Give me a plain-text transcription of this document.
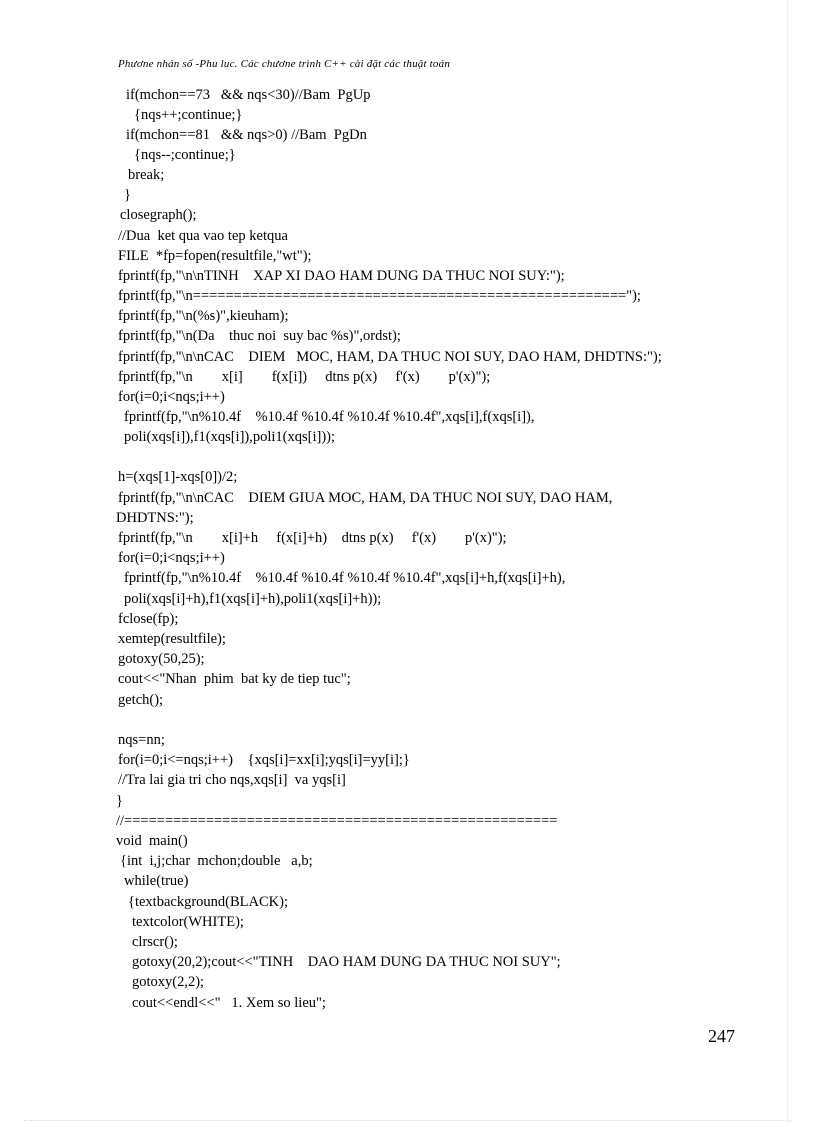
Phươne nhán số -Phu luc. Các chươne trình C++ cài đặt các thuật toán
if(mchon==73   && nqs<30)//Bam  PgUp
{nqs++;continue;}
if(mchon==81   && nqs>0) //Bam  PgDn
{nqs--;continue;}
break;
}
closegraph();
//Dua  ket qua vao tep ketqua
FILE  *fp=fopen(resultfile,"wt");
fprintf(fp,"\n\nTINH    XAP XI DAO HAM DUNG DA THUC NOI SUY:");
fprintf(fp,"\n=====================================================");
fprintf(fp,"\n(%s)",kieuham);
fprintf(fp,"\n(Da    thuc noi  suy bac %s)",ordst);
fprintf(fp,"\n\nCAC    DIEM   MOC, HAM, DA THUC NOI SUY, DAO HAM, DHDTNS:");
fprintf(fp,"\n        x[i]        f(x[i])     dtns p(x)     f'(x)        p'(x)");
for(i=0;i<nqs;i++)
fprintf(fp,"\n%10.4f    %10.4f %10.4f %10.4f %10.4f",xqs[i],f(xqs[i]),
poli(xqs[i]),f1(xqs[i]),poli1(xqs[i]));
h=(xqs[1]-xqs[0])/2;
fprintf(fp,"\n\nCAC    DIEM GIUA MOC, HAM, DA THUC NOI SUY, DAO HAM,
DHDTNS:");
fprintf(fp,"\n        x[i]+h     f(x[i]+h)    dtns p(x)     f'(x)        p'(x)");
for(i=0;i<nqs;i++)
fprintf(fp,"\n%10.4f    %10.4f %10.4f %10.4f %10.4f",xqs[i]+h,f(xqs[i]+h),
poli(xqs[i]+h),f1(xqs[i]+h),poli1(xqs[i]+h));
fclose(fp);
xemtep(resultfile);
gotoxy(50,25);
cout<<"Nhan  phim  bat ky de tiep tuc";
getch();
nqs=nn;
for(i=0;i<=nqs;i++)    {xqs[i]=xx[i];yqs[i]=yy[i];}
//Tra lai gia tri cho nqs,xqs[i]  va yqs[i]
}
//=====================================================
void  main()
{int  i,j;char  mchon;double   a,b;
while(true)
{textbackground(BLACK);
textcolor(WHITE);
clrscr();
gotoxy(20,2);cout<<"TINH    DAO HAM DUNG DA THUC NOI SUY";
gotoxy(2,2);
cout<<endl<<"   1. Xem so lieu";
247
